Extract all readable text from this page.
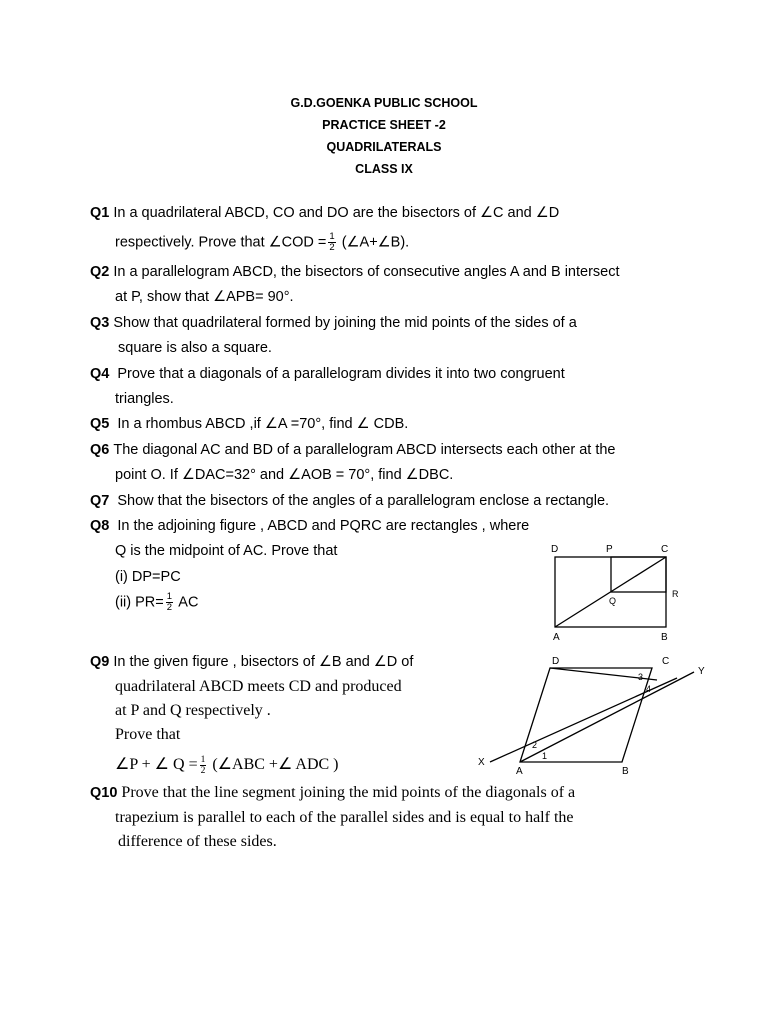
G.D.GOENKA PUBLIC SCHOOL
PRACTICE SHEET -2
QUADRILATERALS
CLASS IX
Q1 In a quadrilateral ABCD, CO and DO are the bisectors of ∠C and ∠D
respectively. Prove that ∠COD = $\frac{1}{2}$ (∠A+∠B).
Q2 In a parallelogram ABCD, the bisectors of consecutive angles A and B intersect
at P, show that ∠APB= 90°.
Q3 Show that quadrilateral formed by joining the mid points of the sides of a
square is also a square.
Q4 Prove that a diagonals of a parallelogram divides it into two congruent
triangles.
Q5 In a rhombus ABCD ,if ∠A =70°, find ∠ CDB.
Q6 The diagonal AC and BD of a parallelogram ABCD intersects each other at the
point O. If ∠DAC=32° and ∠AOB = 70°, find ∠DBC.
Q7 Show that the bisectors of the angles of a parallelogram enclose a rectangle.
Q8 In the adjoining figure , ABCD and PQRC are rectangles , where
Q is the midpoint of AC. Prove that
(i) DP=PC
(ii) $PR= \frac{1}{2}$ AC
D	P	C
Q
R
A	B
Q9 In the given figure , bisectors of ∠B and ∠D of
quadrilateral ABCD meets CD and produced
at P and Q respectively .
Prove that
∠P + ∠ $Q = \frac{1}{2}$ (∠ABC +∠ ADC )
D	C
Y
X
A	B
1
2
3
4
Q10 Prove that the line segment joining the mid points of the diagonals of a
trapezium is parallel to each of the parallel sides and is equal to half the
difference of these sides.
